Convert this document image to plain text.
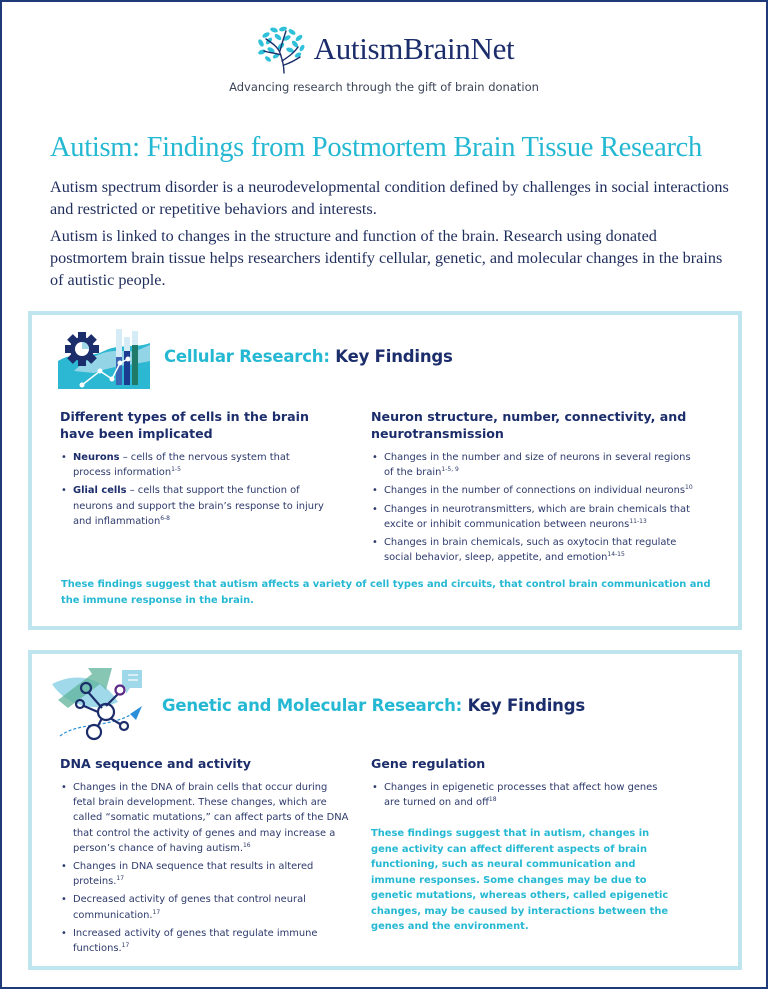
AutismBrainNet
Advancing research through the gift of brain donation
Autism: Findings from Postmortem Brain Tissue Research
Autism spectrum disorder is a neurodevelopmental condition defined by challenges in social interactions and restricted or repetitive behaviors and interests.
Autism is linked to changes in the structure and function of the brain. Research using donated postmortem brain tissue helps researchers identify cellular, genetic, and molecular changes in the brains of autistic people.
Cellular Research: Key Findings
Different types of cells in the brain have been implicated
• Neurons – cells of the nervous system that process information$^{1-5}$
• Glial cells – cells that support the function of neurons and support the brain’s response to injury and inflammation$^{6-8}$
Neuron structure, number, connectivity, and neurotransmission
• Changes in the number and size of neurons in several regions of the brain$^{1-5, 9}$
• Changes in the number of connections on individual neurons$^{10}$
• Changes in neurotransmitters, which are brain chemicals that excite or inhibit communication between neurons$^{11-13}$
• Changes in brain chemicals, such as oxytocin that regulate social behavior, sleep, appetite, and emotion$^{14-15}$
These findings suggest that autism affects a variety of cell types and circuits, that control brain communication and the immune response in the brain.
Genetic and Molecular Research: Key Findings
DNA sequence and activity
• Changes in the DNA of brain cells that occur during fetal brain development. These changes, which are called “somatic mutations,” can affect parts of the DNA that control the activity of genes and may increase a person’s chance of having autism.$^{16}$
• Changes in DNA sequence that results in altered proteins.$^{17}$
• Decreased activity of genes that control neural communication.$^{17}$
• Increased activity of genes that regulate immune functions.$^{17}$
Gene regulation
• Changes in epigenetic processes that affect how genes are turned on and off$^{18}$
These findings suggest that in autism, changes in gene activity can affect different aspects of brain functioning, such as neural communication and immune responses. Some changes may be due to genetic mutations, whereas others, called epigenetic changes, may be caused by interactions between the genes and the environment.
